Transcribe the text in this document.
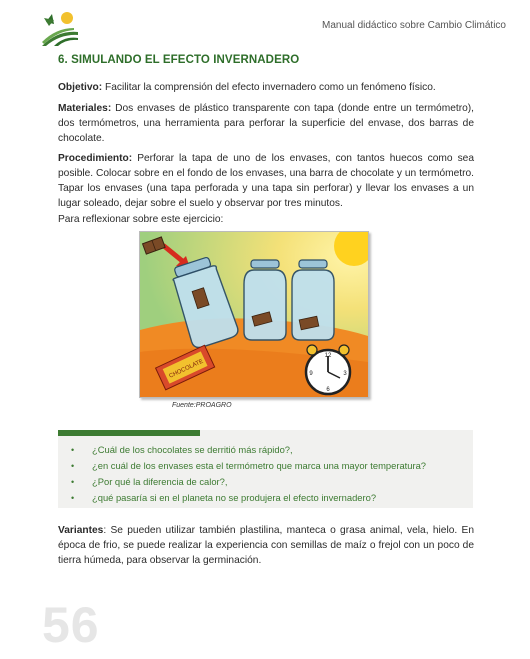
Manual didáctico sobre Cambio Climático
6. SIMULANDO EL EFECTO INVERNADERO

Objetivo: Facilitar la comprensión del efecto invernadero como un fenómeno físico.

Materiales: Dos envases de plástico transparente con tapa (donde entre un termómetro), dos termómetros, una herramienta para perforar la superficie del envase, dos barras de chocolate.

Procedimiento: Perforar la tapa de uno de los envases, con tantos huecos como sea posible. Colocar sobre en el fondo de los envases, una barra de chocolate y un termómetro. Tapar los envases (una tapa perforada y una tapa sin perforar) y llevar los envases a un lugar soleado, dejar sobre el suelo y observar por tres minutos.

Para reflexionar sobre este ejercicio:

CHOCOLATE
12
3
6
9
Fuente:PROAGRO
• ¿Cuál de los chocolates se derritió más rápido?,
• ¿en cuál de los envases esta el termómetro que marca una mayor temperatura?
• ¿Por qué la diferencia de calor?,
• ¿qué pasaría si en el planeta no se produjera el efecto invernadero?

Variantes: Se pueden utilizar también plastilina, manteca o grasa animal, vela, hielo. En época de frio, se puede realizar la experiencia con semillas de maíz o frejol con un poco de tierra húmeda, para observar la germinación.

56
